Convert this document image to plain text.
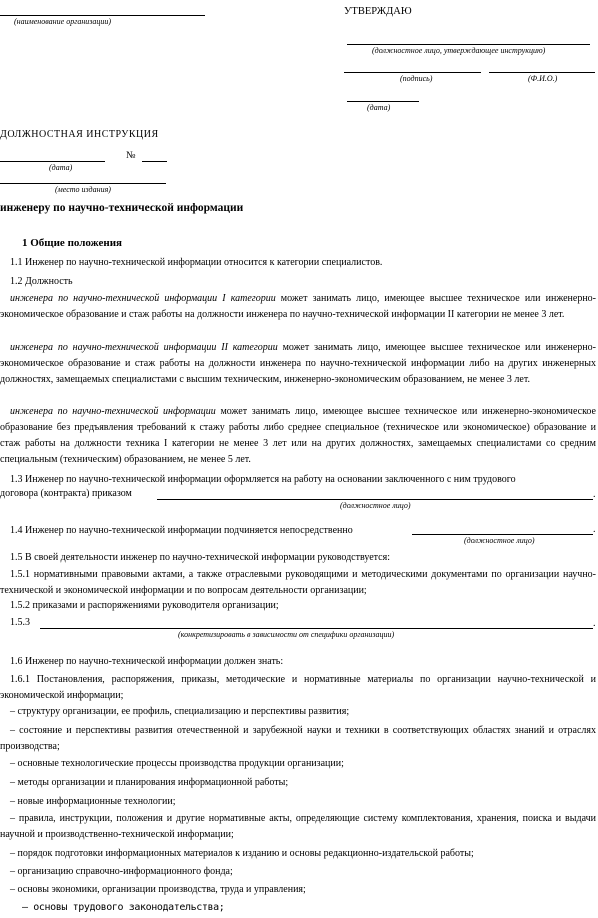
(наименование организации)
УТВЕРЖДАЮ
(должностное лицо, утверждающее инструкцию)
(подпись)	(Ф.И.О.)
(дата)
ДОЛЖНОСТНАЯ ИНСТРУКЦИЯ
№
(дата)
(место издания)
инженеру по научно-технической информации
1 Общие положения
1.1 Инженер по научно-технической информации относится к категории специалистов.
1.2 Должность
инженера по научно-технической информации I категории может занимать лицо, имеющее высшее техническое или инженерно-экономическое образование и стаж работы на должности инженера по научно-технической информации II категории не менее 3 лет.
инженера по научно-технической информации II категории может занимать лицо, имеющее высшее техническое или инженерно-экономическое образование и стаж работы на должности инженера по научно-технической информации либо на других инженерных должностях, замещаемых специалистами с высшим техническим, инженерно-экономическим образованием, не менее 3 лет.
инженера по научно-технической информации может занимать лицо, имеющее высшее техническое или инженерно-экономическое образование без предъявления требований к стажу работы либо среднее специальное (техническое или экономическое) образование и стаж работы на должности техника I категории не менее 3 лет или на других должностях, замещаемых специалистами со средним специальным (техническим) образованием, не менее 5 лет.
1.3 Инженер по научно-технической информации оформляется на работу на основании заключенного с ним трудового
договора (контракта) приказом	.
(должностное лицо)
1.4 Инженер по научно-технической информации подчиняется непосредственно	.
(должностное лицо)
1.5 В своей деятельности инженер по научно-технической информации руководствуется:
1.5.1 нормативными правовыми актами, а также отраслевыми руководящими и методическими документами по организации научно-технической и экономической информации и по вопросам деятельности организации;
1.5.2 приказами и распоряжениями руководителя организации;
1.5.3	.
(конкретизировать в зависимости от специфики организации)
1.6 Инженер по научно-технической информации должен знать:
1.6.1 Постановления, распоряжения, приказы, методические и нормативные материалы по организации научно-технической и экономической информации;
– структуру организации, ее профиль, специализацию и перспективы развития;
– состояние и перспективы развития отечественной и зарубежной науки и техники в соответствующих областях знаний и отраслях производства;
– основные технологические процессы производства продукции организации;
– методы организации и планирования информационной работы;
– новые информационные технологии;
– правила, инструкции, положения и другие нормативные акты, определяющие систему комплектования, хранения, поиска и выдачи научной и производственно-технической информации;
– порядок подготовки информационных материалов к изданию и основы редакционно-издательской работы;
– организацию справочно-информационного фонда;
– основы экономики, организации производства, труда и управления;
– основы трудового законодательства;
